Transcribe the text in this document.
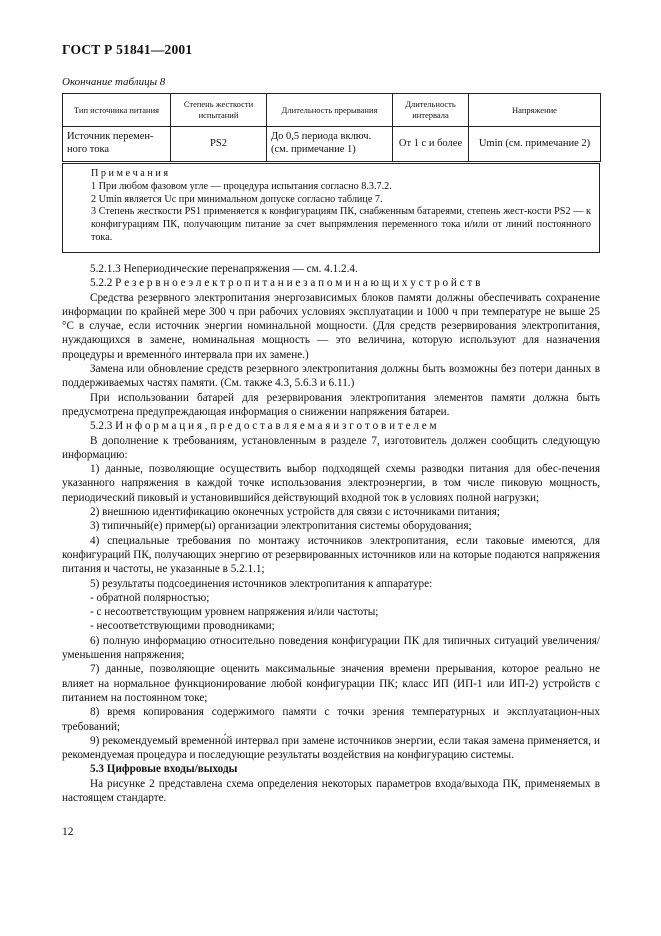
ГОСТ Р 51841—2001
Окончание таблицы 8
Тип источника питания	Степень жесткости испытаний	Длительность прерывания	Длительность интервала	Напряжение
Источник перемен-ного тока	PS2	До 0,5 периода включ. (см. примечание 1)	От 1 с и более	Umin (см. примечание 2)

П р и м е ч а н и я

1 При любом фазовом угле — процедура испытания согласно 8.3.7.2.

2 Umin является Uc при минимальном допуске согласно таблице 7.

3 Степень жесткости PS1 применяется к конфигурациям ПК, снабженным батареями, степень жест-кости PS2 — к конфигурациям ПК, получающим питание за счет выпрямления переменного тока и/или от линий постоянного тока.

5.2.1.3 Непериодические перенапряжения — см. 4.1.2.4.

5.2.2 Р е з е р в н о е э л е к т р о п и т а н и е з а п о м и н а ю щ и х у с т р о й с т в

Средства резервного электропитания энергозависимых блоков памяти должны обеспечивать сохранение информации по крайней мере 300 ч при рабочих условиях эксплуатации и 1000 ч при температуре не выше 25 °С в случае, если источник энергии номинальной мощности. (Для средств резервирования электропитания, нуждающихся в замене, номинальная мощность — это величина, которую используют для назначения процедуры и временно́го интервала при их замене.)

Замена или обновление средств резервного электропитания должны быть возможны без потери данных в поддерживаемых частях памяти. (См. также 4.3, 5.6.3 и 6.11.)

При использовании батарей для резервирования электропитания элементов памяти должна быть предусмотрена предупреждающая информация о снижении напряжения батареи.

5.2.3 И н ф о р м а ц и я , п р е д о с т а в л я е м а я и з г о т о в и т е л е м

В дополнение к требованиям, установленным в разделе 7, изготовитель должен сообщить следующую информацию:

1) данные, позволяющие осуществить выбор подходящей схемы разводки питания для обес-печения указанного напряжения в каждой точке использования электроэнергии, в том числе пиковую мощность, периодический пиковый и установившийся действующий входной ток в условиях полной нагрузки;

2) внешнюю идентификацию оконечных устройств для связи с источниками питания;

3) типичный(е) пример(ы) организации электропитания системы оборудования;

4) специальные требования по монтажу источников электропитания, если таковые имеются, для конфигураций ПК, получающих энергию от резервированных источников или на которые подаются напряжения питания и частоты, не указанные в 5.2.1.1;

5) результаты подсоединения источников электропитания к аппаратуре:

- обратной полярностью;

- с несоответствующим уровнем напряжения и/или частоты;

- несоответствующими проводниками;

6) полную информацию относительно поведения конфигурации ПК для типичных ситуаций увеличения/уменьшения напряжения;

7) данные, позволяющие оценить максимальные значения времени прерывания, которое реально не влияет на нормальное функционирование любой конфигурации ПК; класс ИП (ИП-1 или ИП-2) устройств с питанием на постоянном токе;

8) время копирования содержимого памяти с точки зрения температурных и эксплуатацион-ных требований;

9) рекомендуемый временно́й интервал при замене источников энергии, если такая замена применяется, и рекомендуемая процедура и последующие результаты воздействия на конфигурацию системы.

5.3 Цифровые входы/выходы

На рисунке 2 представлена схема определения некоторых параметров входа/выхода ПК, применяемых в настоящем стандарте.

12
